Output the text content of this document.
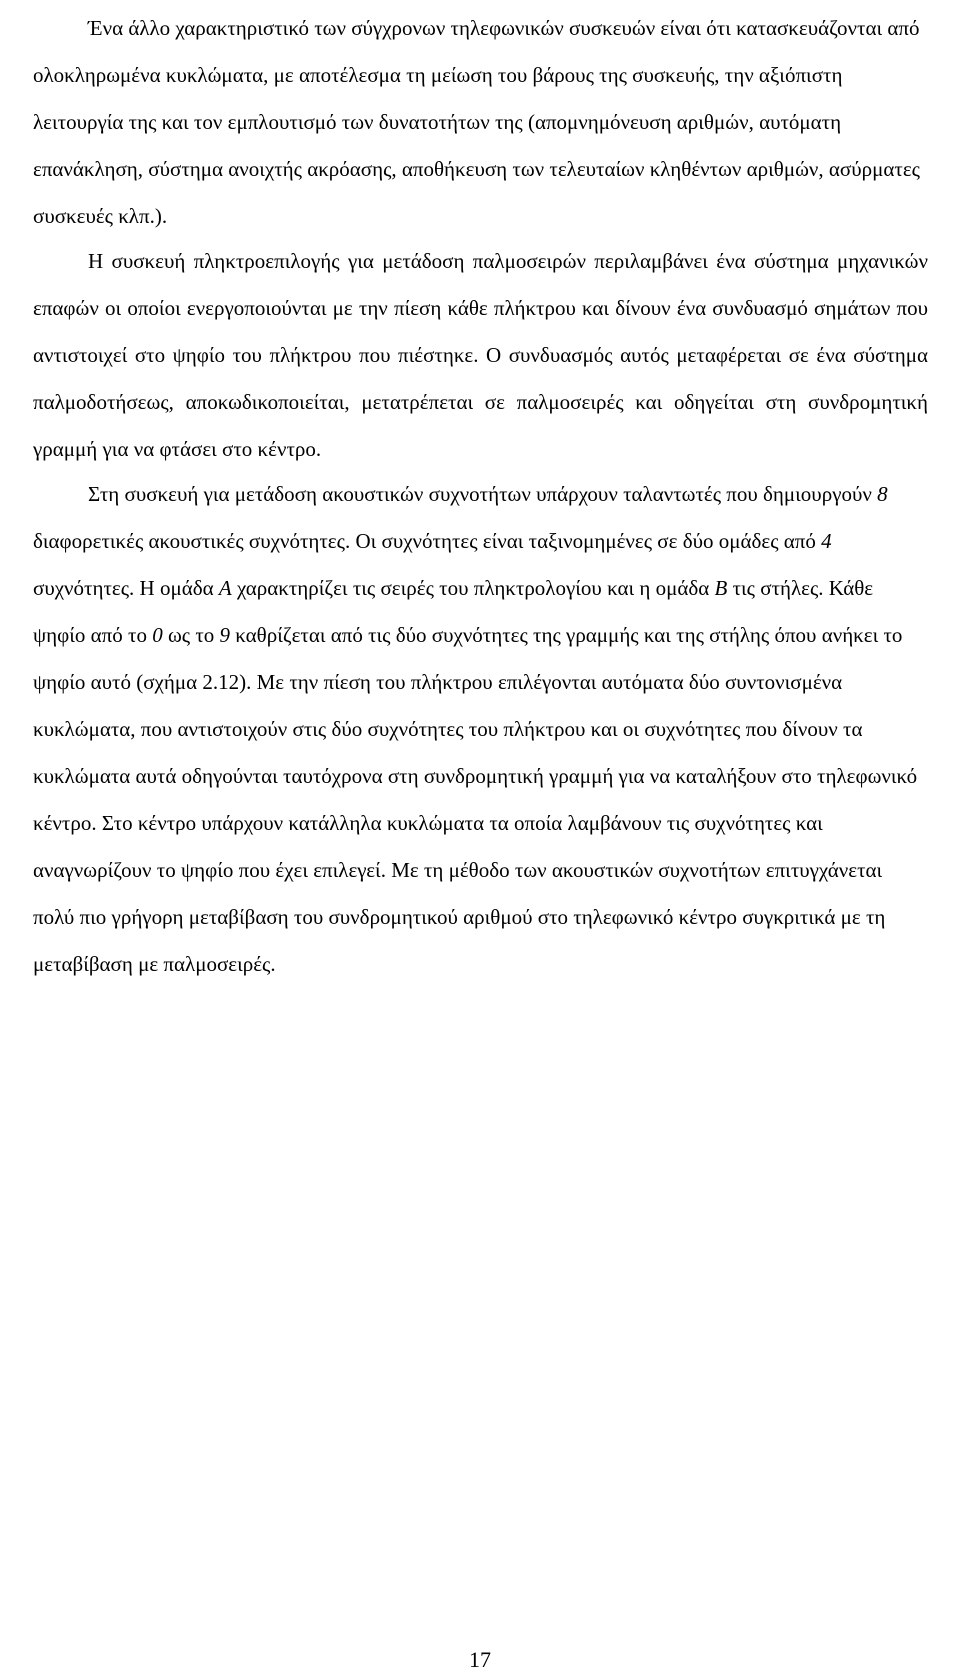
Ένα άλλο χαρακτηριστικό των σύγχρονων τηλεφωνικών συσκευών είναι ότι κατασκευάζονται από ολοκληρωμένα κυκλώματα, με αποτέλεσμα τη μείωση του βάρους της συσκευής, την αξιόπιστη λειτουργία της και τον εμπλουτισμό των δυνατοτήτων της (απομνημόνευση αριθμών, αυτόματη επανάκληση, σύστημα ανοιχτής ακρόασης, αποθήκευση των τελευταίων κληθέντων αριθμών, ασύρματες συσκευές κλπ.).

Η συσκευή πληκτροεπιλογής για μετάδοση παλμοσειρών περιλαμβάνει ένα σύστημα μηχανικών επαφών οι οποίοι ενεργοποιούνται με την πίεση κάθε πλήκτρου και δίνουν ένα συνδυασμό σημάτων που αντιστοιχεί στο ψηφίο του πλήκτρου που πιέστηκε. Ο συνδυασμός αυτός μεταφέρεται σε ένα σύστημα παλμοδοτήσεως, αποκωδικοποιείται, μετατρέπεται σε παλμοσειρές και οδηγείται στη συνδρομητική γραμμή για να φτάσει στο κέντρο.

Στη συσκευή για μετάδοση ακουστικών συχνοτήτων υπάρχουν ταλαντωτές που δημιουργούν 8 διαφορετικές ακουστικές συχνότητες. Οι συχνότητες είναι ταξινομημένες σε δύο ομάδες από 4 συχνότητες. Η ομάδα Α χαρακτηρίζει τις σειρές του πληκτρολογίου και η ομάδα Β τις στήλες. Κάθε ψηφίο από το 0 ως το 9 καθρίζεται από τις δύο συχνότητες της γραμμής και της στήλης όπου ανήκει το ψηφίο αυτό (σχήμα 2.12). Με την πίεση του πλήκτρου επιλέγονται αυτόματα δύο συντονισμένα κυκλώματα, που αντιστοιχούν στις δύο συχνότητες του πλήκτρου και οι συχνότητες που δίνουν τα κυκλώματα αυτά οδηγούνται ταυτόχρονα στη συνδρομητική γραμμή για να καταλήξουν στο τηλεφωνικό κέντρο. Στο κέντρο υπάρχουν κατάλληλα κυκλώματα τα οποία λαμβάνουν τις συχνότητες και αναγνωρίζουν το ψηφίο που έχει επιλεγεί. Με τη μέθοδο των ακουστικών συχνοτήτων επιτυγχάνεται πολύ πιο γρήγορη μεταβίβαση του συνδρομητικού αριθμού στο τηλεφωνικό κέντρο συγκριτικά με τη μεταβίβαση με παλμοσειρές.

17
